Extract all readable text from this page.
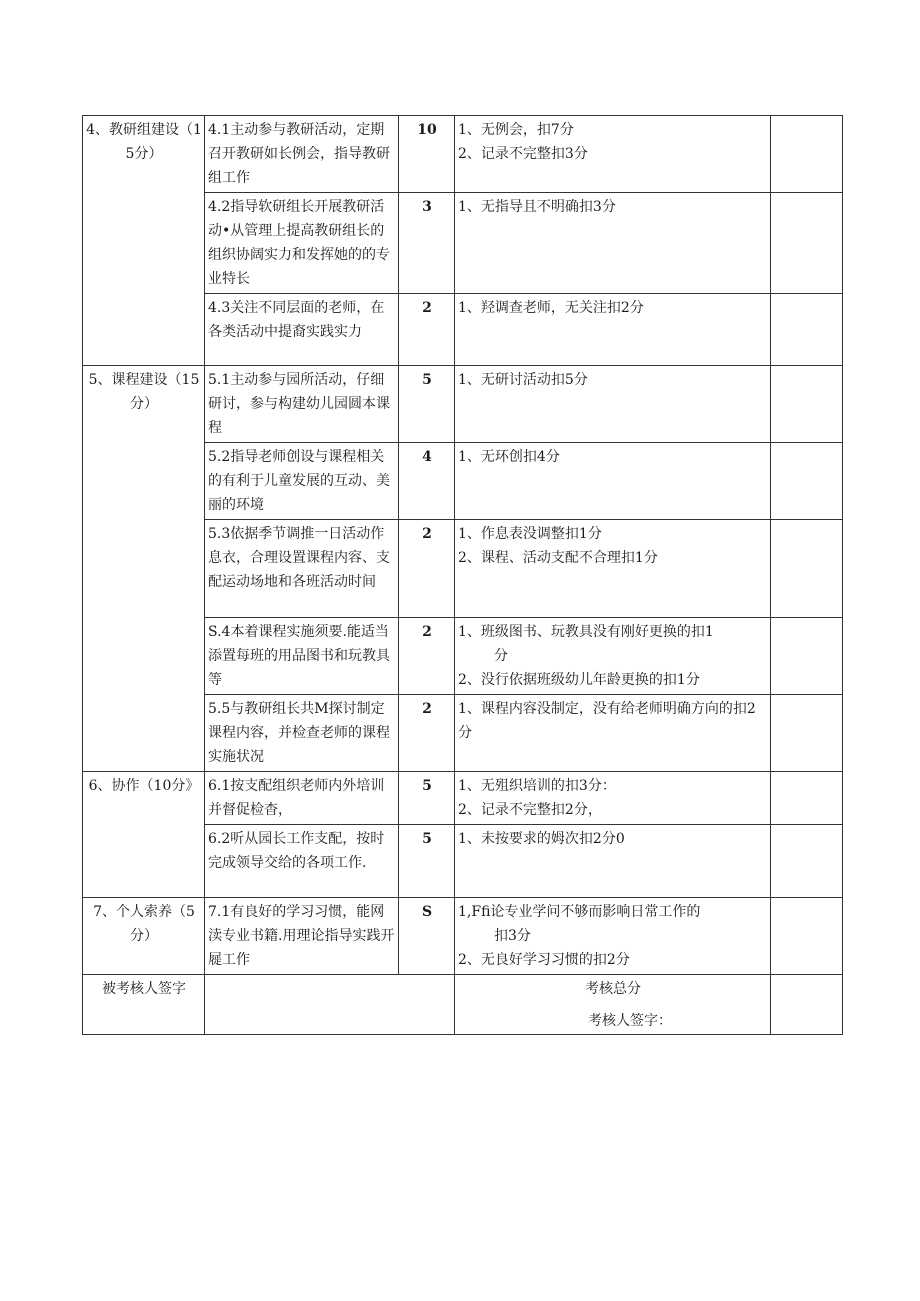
4、教研组建设（15分）	4.1主动参与教研活动，定期召开教研如长例会，指导教研组工作	10	1、无例会，扣7分
2、记录不完整扣3分	

	4.2指导软研组长开展教研活动•从管理上提高教研组长的组织协阔实力和发挥她的的专业特长	3	1、无指导且不明确扣3分	

	4.3关注不同层面的老师，在各类活动中提裔实践实力	2	1、羟调查老师，无关注扣2分	

5、课程建设（15分）	5.1主动参与园所活动，仔细研讨，参与构建幼儿园圆本课程	5	1、无研讨活动扣5分	

	5.2指导老师创设与课程相关的有利于儿童发展的互动、美丽的环境	4	1、无环创扣4分	

	5.3依据季节调推一日活动作息衣，合理设置课程内容、支配运动场地和各班活动时间	2	1、作息表没调整扣1分
2、课程、活动支配不合理扣1分	

	S.4本着课程实施须要.能适当添置每班的用品图书和玩教具等	2	1、班级图书、玩教具没有刚好更换的扣1
分
2、没行依据班级幼儿年龄更换的扣1分	

	5.5与教研组长共M探讨制定课程内容，并检查老师的课程实施状况	2	1、课程内容没制定，没有给老师明确方向的扣2分	

6、协作（10分》	6.1按支配组织老师内外培训并督促检杳，	5	1、无殂织培训的扣3分：
2、记录不完整扣2分，	

	6.2听从园长工作支配，按时完成领导交给的各项工作.	5	1、未按要求的姆次扣2分0	

7、个人索养（5分）	7.1有良好的学习习惯，能网渎专业书籍.用理论指导实践开屣工作	S	1,Ffi论专业学问不够而影响日常工作的
扣3分
2、无良好学习习惯的扣2分	

被考核人签字			考核总分	
考核人签字：
